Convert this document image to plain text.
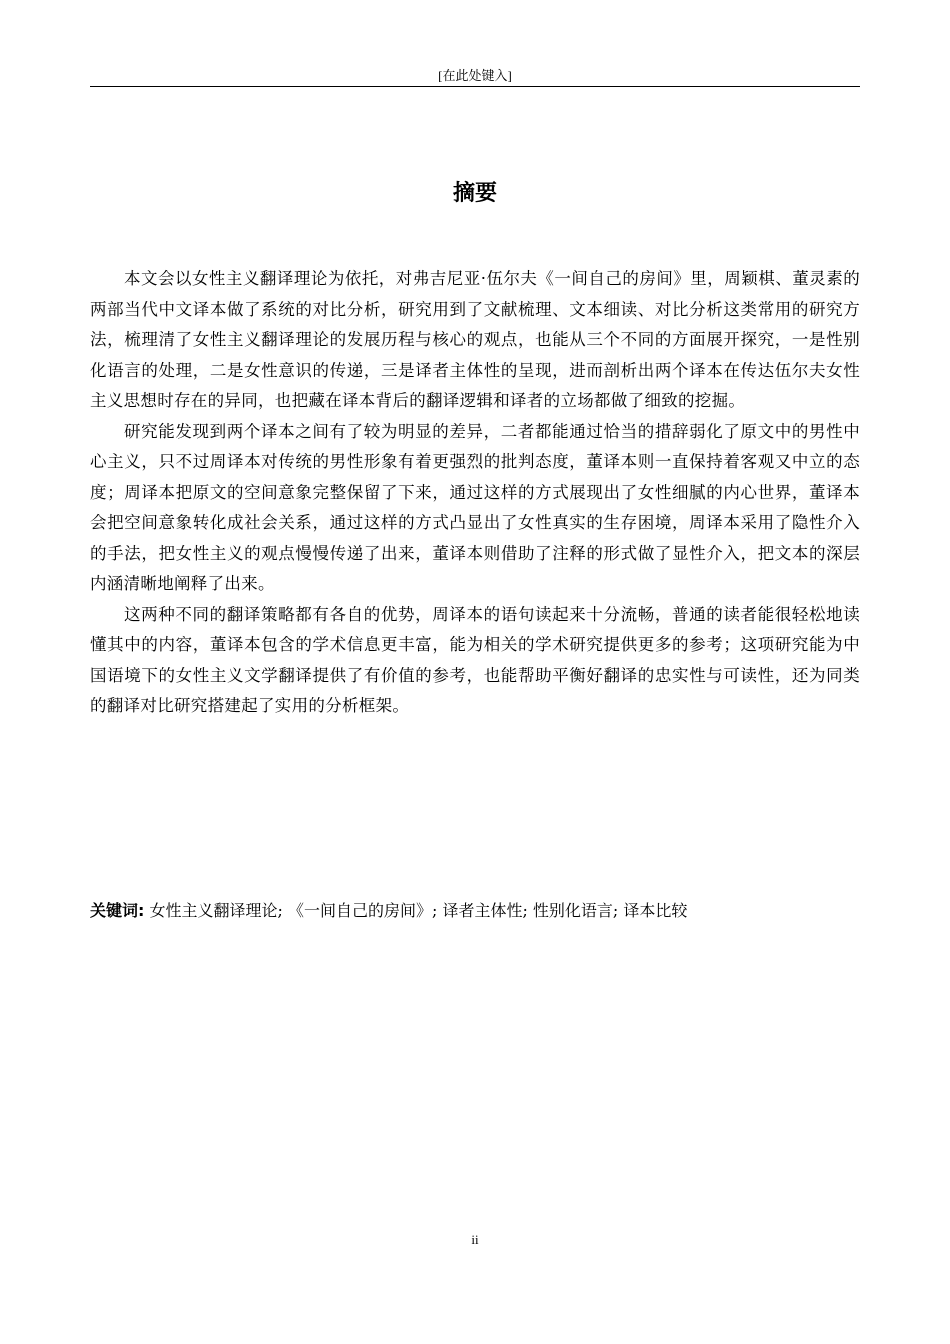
[在此处键入]
摘要

本文会以女性主义翻译理论为依托，对弗吉尼亚·伍尔夫《一间自己的房间》里，周颖棋、董灵素的两部当代中文译本做了系统的对比分析，研究用到了文献梳理、文本细读、对比分析这类常用的研究方法，梳理清了女性主义翻译理论的发展历程与核心的观点，也能从三个不同的方面展开探究，一是性别化语言的处理，二是女性意识的传递，三是译者主体性的呈现，进而剖析出两个译本在传达伍尔夫女性主义思想时存在的异同，也把藏在译本背后的翻译逻辑和译者的立场都做了细致的挖掘。

研究能发现到两个译本之间有了较为明显的差异，二者都能通过恰当的措辞弱化了原文中的男性中心主义，只不过周译本对传统的男性形象有着更强烈的批判态度，董译本则一直保持着客观又中立的态度；周译本把原文的空间意象完整保留了下来，通过这样的方式展现出了女性细腻的内心世界，董译本会把空间意象转化成社会关系，通过这样的方式凸显出了女性真实的生存困境，周译本采用了隐性介入的手法，把女性主义的观点慢慢传递了出来，董译本则借助了注释的形式做了显性介入，把文本的深层内涵清晰地阐释了出来。

这两种不同的翻译策略都有各自的优势，周译本的语句读起来十分流畅，普通的读者能很轻松地读懂其中的内容，董译本包含的学术信息更丰富，能为相关的学术研究提供更多的参考；这项研究能为中国语境下的女性主义文学翻译提供了有价值的参考，也能帮助平衡好翻译的忠实性与可读性，还为同类的翻译对比研究搭建起了实用的分析框架。

关键词: 女性主义翻译理论; 《一间自己的房间》; 译者主体性; 性别化语言; 译本比较
ii
